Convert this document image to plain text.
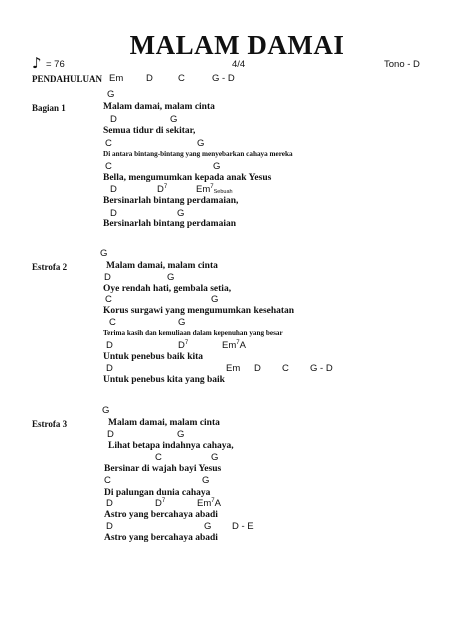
MALAM DAMAI
♪ = 76	4/4	Tono - D
PENDAHULUAN Em D	C	G - D
Bagian 1
G
Malam damai, malam cinta
D	G
Semua tidur di sekitar,
C	G
Di antara bintang-bintang yang menyebarkan cahaya mereka
C	G
Bella, mengumumkan kepada anak Yesus
D	$D^7$	Em$^7$Sebuah
Bersinarlah bintang perdamaian,
D	G
Bersinarlah bintang perdamaian
Estrofa 2
G
Malam damai, malam cinta
D	G
Oye rendah hati, gembala setia,
C	G
Korus surgawi yang mengumumkan kesehatan
C	G
Terima kasih dan kemuliaan dalam kepenuhan yang besar
D	$D^7$	Em$^7$A
Untuk penebus baik kita
D	Em D C G - D
Untuk penebus kita yang baik
Estrofa 3
G
Malam damai, malam cinta
D	G
Lihat betapa indahnya cahaya,
C	G
Bersinar di wajah bayi Yesus
C	G
Di palungan dunia cahaya
D	$D^7$	Em$^7$A
Astro yang bercahaya abadi
D	G D - E
Astro yang bercahaya abadi
